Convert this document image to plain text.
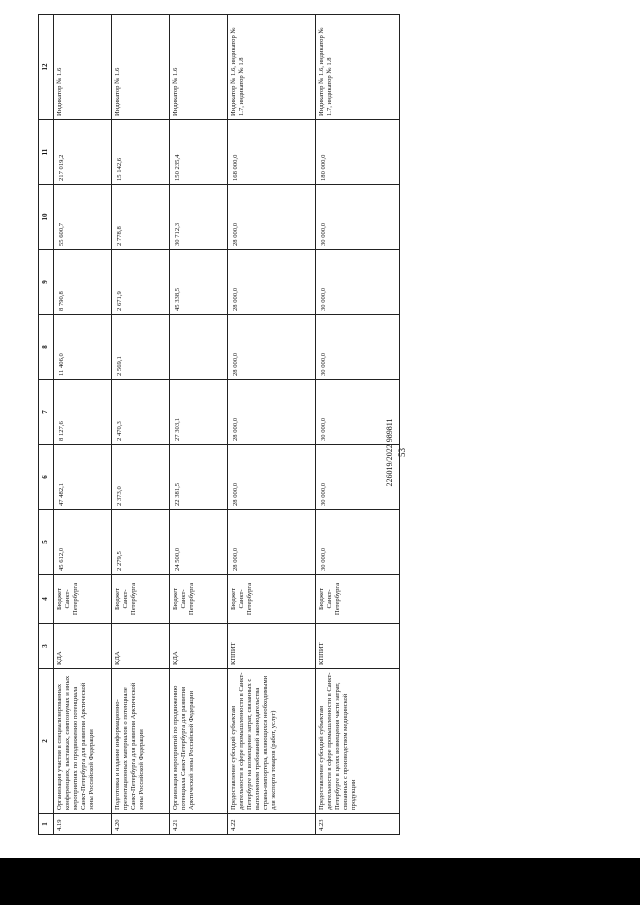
226019/2022 989811 53
1	2	3	4	5	6	7	8	9	10	11	12
4.19	Организация участия в специализированных конференциях, выставках, симпозиумах и иных мероприятиях по продвижению потенциала Санкт-Петербурга для развития Арктической зоны Российской Федерации	КДА	Бюджет Санкт-Петербурга	45 612,0	47 482,1	8 127,6	11 406,0	8 790,8	55 600,7	217 019,2	Индикатор № 1.6
4.20	Подготовка и издание информационно-презентационных материалов о потенциале Санкт-Петербурга для развития Арктической зоны Российской Федерации	КДА	Бюджет Санкт-Петербурга	2 279,5	2 373,0	2 470,3	2 569,1	2 671,9	2 778,8	15 142,6	Индикатор № 1.6
4.21	Организация мероприятий по продвижению потенциала Санкт-Петербурга для развития Арктической зоны Российской Федерации	КДА	Бюджет Санкт-Петербурга	24 500,0	22 381,5	27 303,1		45 338,5	30 712,3	150 235,4	Индикатор № 1.6
4.22	Предоставление субсидий субъектам деятельности в сфере промышленности в Санкт-Петербурге на возмещение затрат, связанных с выполнением требований законодательства страны-импортера, являющихся необходимыми для экспорта товаров (работ, услуг)	КППИТ	Бюджет Санкт-Петербурга	28 000,0	28 000,0	28 000,0	28 000,0	28 000,0	28 000,0	168 000,0	Индикатор № 1.6, индикатор № 1.7, индикатор № 1.8
4.23	Предоставление субсидий субъектам деятельности в сфере промышленности в Санкт-Петербурге в целях возмещения части затрат, связанных с производством медицинской продукции	КППИТ	Бюджет Санкт-Петербурга	30 000,0	30 000,0	30 000,0	30 000,0	30 000,0	30 000,0	180 000,0	Индикатор № 1.6, индикатор № 1.7, индикатор № 1.8
